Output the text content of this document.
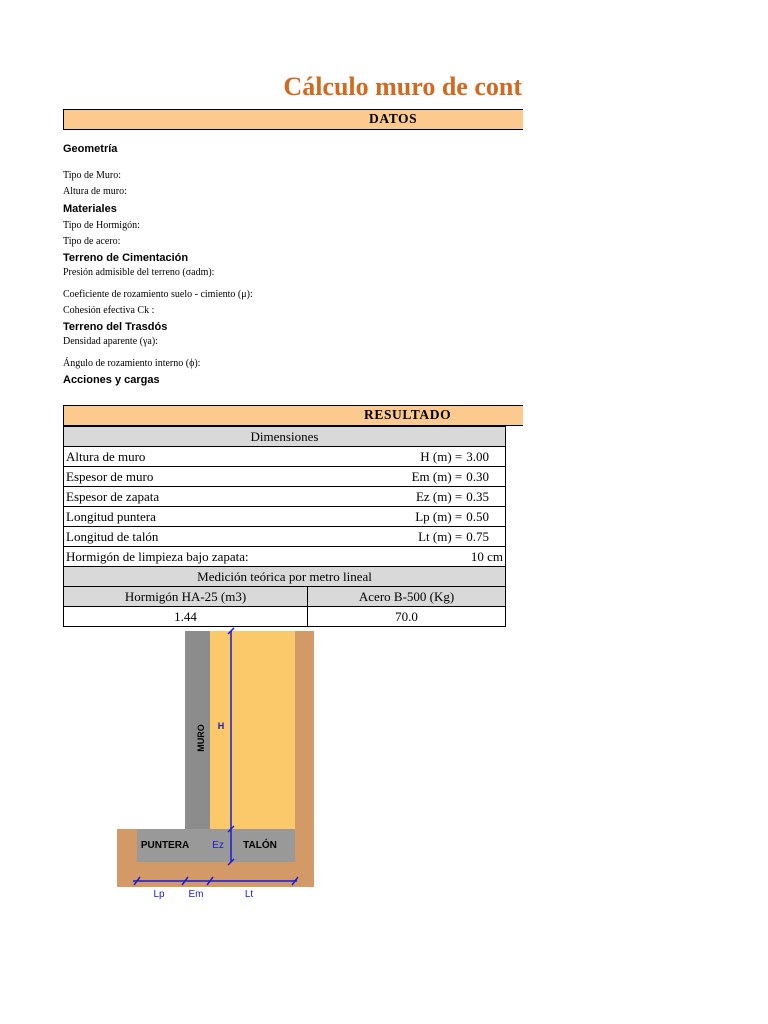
Cálculo muro de cont
DATOS
Geometría
Tipo de Muro:
Altura de muro:
Materiales
Tipo de Hormigón:
Tipo de acero:
Terreno de Cimentación
Presión admisible del terreno (σadm):
Coeficiente de rozamiento suelo - cimiento (μ):
Cohesión efectiva Ck :
Terreno del Trasdós
Densidad aparente (γa):
Ángulo de rozamiento interno (ϕ):
Acciones y cargas
RESULTADO
Dimensiones		
Altura de muro	H (m) =	3.00
Espesor de muro	Em (m) =	0.30
Espesor de zapata	Ez (m) =	0.35
Longitud puntera	Lp (m) =	0.50
Longitud de talón	Lt (m) =	0.75
Hormigón de limpieza bajo zapata:		10 cm
Medición teórica por metro lineal		
Hormigón HA-25 (m3)	Acero B-500 (Kg)	
1.44	70.0	
MURO H
PUNTERA Ez TALÓN
Lp Em	Lt
